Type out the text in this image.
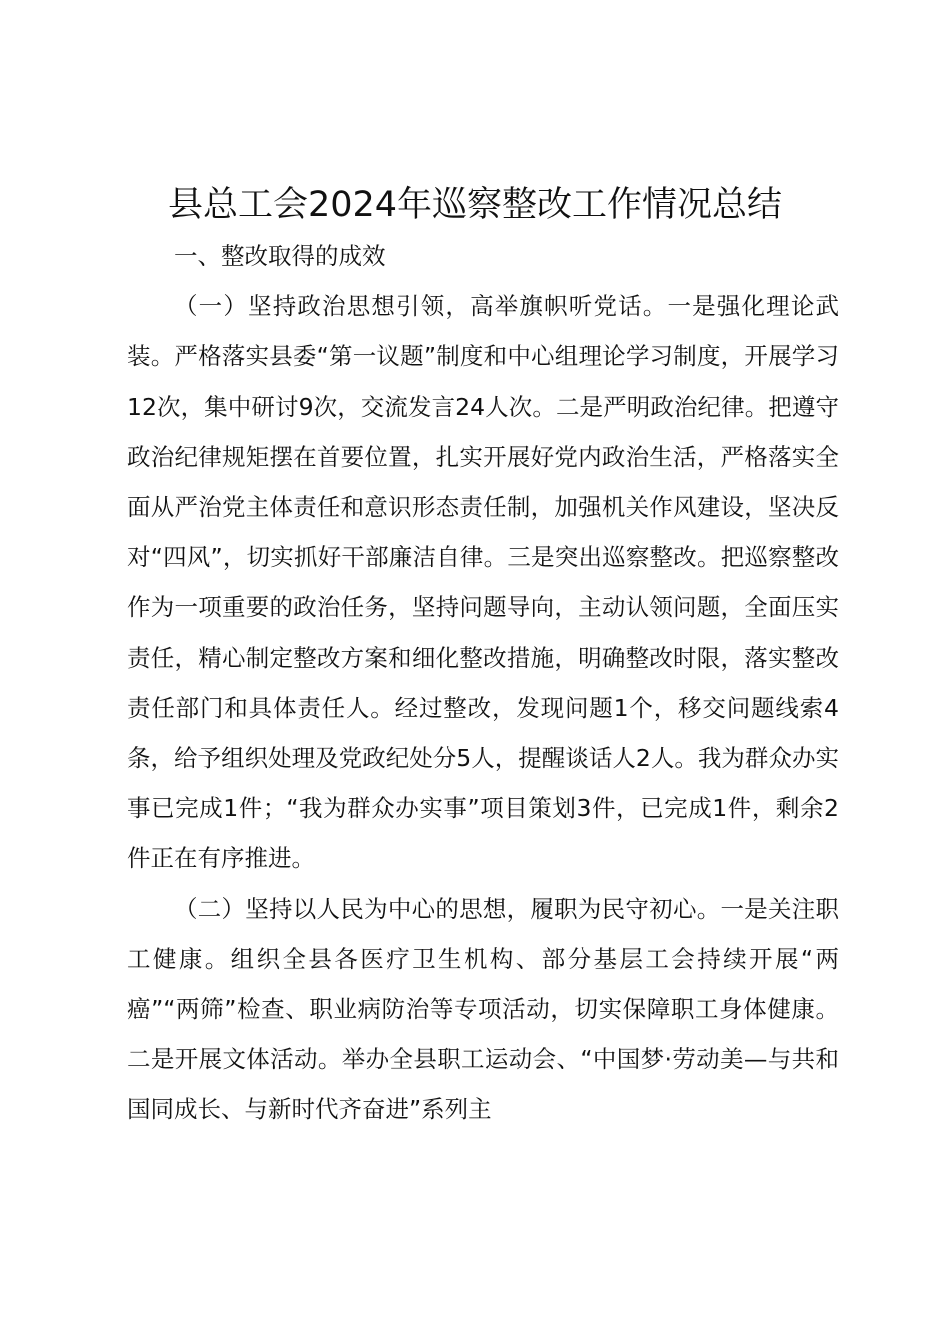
县总工会2024年巡察整改工作情况总结
一、整改取得的成效

（一）坚持政治思想引领，高举旗帜听党话。一是强化理论武装。严格落实县委“第一议题”制度和中心组理论学习制度，开展学习12次，集中研讨9次，交流发言24人次。二是严明政治纪律。把遵守政治纪律规矩摆在首要位置，扎实开展好党内政治生活，严格落实全面从严治党主体责任和意识形态责任制，加强机关作风建设，坚决反对“四风”，切实抓好干部廉洁自律。三是突出巡察整改。把巡察整改作为一项重要的政治任务，坚持问题导向，主动认领问题，全面压实责任，精心制定整改方案和细化整改措施，明确整改时限，落实整改责任部门和具体责任人。经过整改，发现问题1个，移交问题线索4条，给予组织处理及党政纪处分5人，提醒谈话人2人。我为群众办实事已完成1件；“我为群众办实事”项目策划3件，已完成1件，剩余2件正在有序推进。

（二）坚持以人民为中心的思想，履职为民守初心。一是关注职工健康。组织全县各医疗卫生机构、部分基层工会持续开展“两癌”“两筛”检查、职业病防治等专项活动，切实保障职工身体健康。二是开展文体活动。举办全县职工运动会、“中国梦·劳动美—与共和国同成长、与新时代齐奋进”系列主
